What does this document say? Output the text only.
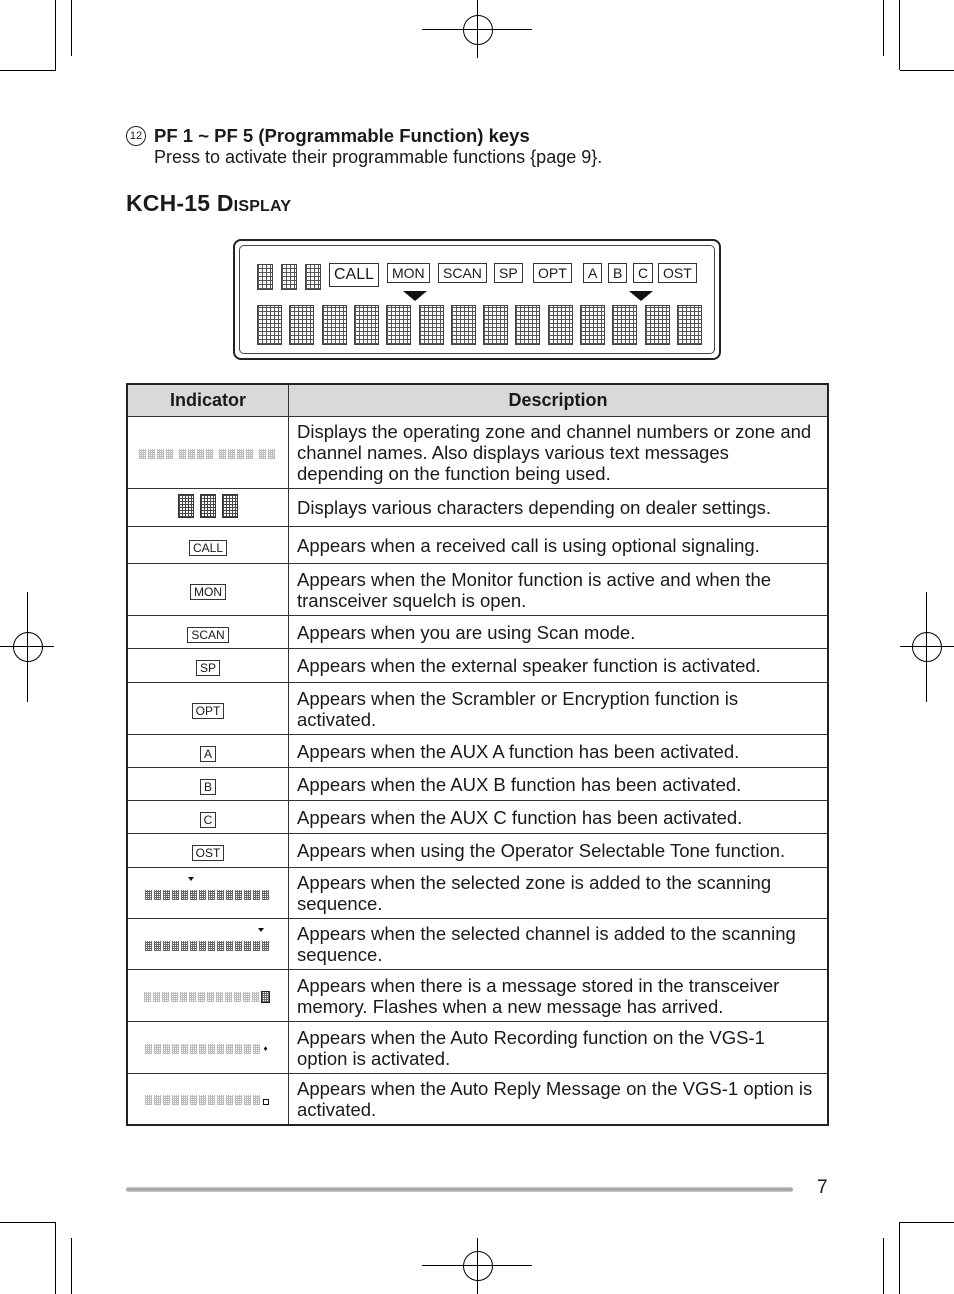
12 PF 1 ~ PF 5 (Programmable Function) keys
Press to activate their programmable functions {page 9}.
KCH-15 DISPLAY
CALL	MON	SCAN	SP	OPT	A	B	C	OST
Indicator	Description
	Displays the operating zone and channel numbers or zone and channel names. Also displays various text messages depending on the function being used.
	Displays various characters depending on dealer settings.
CALL	Appears when a received call is using optional signaling.
MON	Appears when the Monitor function is active and when the transceiver squelch is open.
SCAN	Appears when you are using Scan mode.
SP	Appears when the external speaker function is activated.
OPT	Appears when the Scrambler or Encryption function is activated.
A	Appears when the AUX A function has been activated.
B	Appears when the AUX B function has been activated.
C	Appears when the AUX C function has been activated.
OST	Appears when using the Operator Selectable Tone function.

	Appears when the selected zone is added to the scanning sequence.

	Appears when the selected channel is added to the scanning sequence.
	Appears when there is a message stored in the transceiver memory. Flashes when a new message has arrived.

♦	Appears when the Auto Recording function on the VGS-1 option is activated.

	Appears when the Auto Reply Message on the VGS-1 option is activated.
7
